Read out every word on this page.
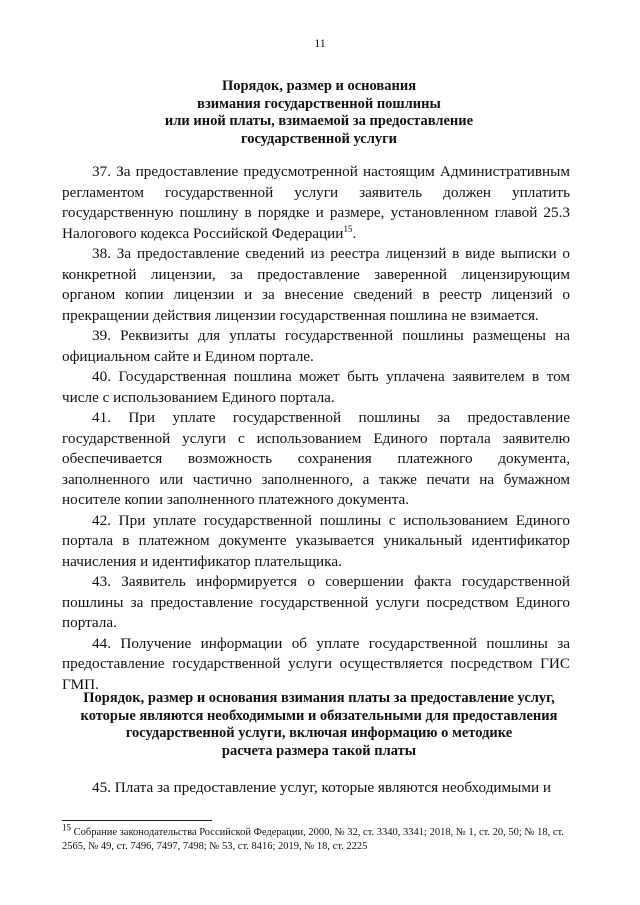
11
Порядок, размер и основания
взимания государственной пошлины
или иной платы, взимаемой за предоставление
государственной услуги

37. За предоставление предусмотренной настоящим Административным регламентом государственной услуги заявитель должен уплатить государственную пошлину в порядке и размере, установленном главой 25.3 Налогового кодекса Российской Федерации$^{15}$.

38. За предоставление сведений из реестра лицензий в виде выписки о конкретной лицензии, за предоставление заверенной лицензирующим органом копии лицензии и за внесение сведений в реестр лицензий о прекращении действия лицензии государственная пошлина не взимается.

39. Реквизиты для уплаты государственной пошлины размещены на официальном сайте и Едином портале.

40. Государственная пошлина может быть уплачена заявителем в том числе с использованием Единого портала.

41. При уплате государственной пошлины за предоставление государственной услуги с использованием Единого портала заявителю обеспечивается возможность сохранения платежного документа, заполненного или частично заполненного, а также печати на бумажном носителе копии заполненного платежного документа.

42. При уплате государственной пошлины с использованием Единого портала в платежном документе указывается уникальный идентификатор начисления и идентификатор плательщика.

43. Заявитель информируется о совершении факта государственной пошлины за предоставление государственной услуги посредством Единого портала.

44. Получение информации об уплате государственной пошлины за предоставление государственной услуги осуществляется посредством ГИС ГМП.

Порядок, размер и основания взимания платы за предоставление услуг,
которые являются необходимыми и обязательными для предоставления
государственной услуги, включая информацию о методике
расчета размера такой платы

45. Плата за предоставление услуг, которые являются необходимыми и

$^{15}$ Собрание законодательства Российской Федерации, 2000, № 32, ст. 3340, 3341; 2018, № 1, ст. 20, 50; № 18, ст. 2565, № 49, ст. 7496, 7497, 7498; № 53, ст. 8416; 2019, № 18, ст. 2225
